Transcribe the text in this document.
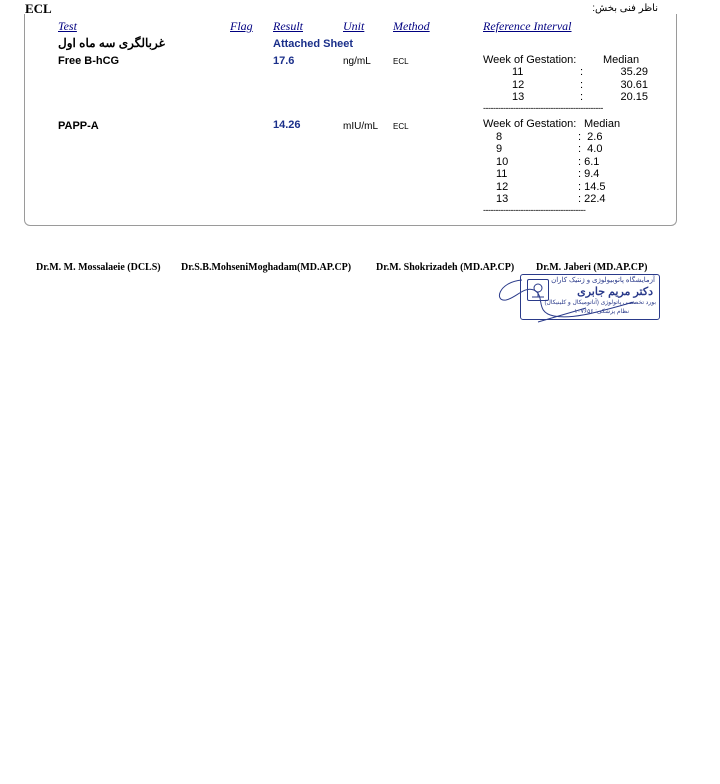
ECL	ناظر فنی بخش:
Test	Flag Result	Unit Method	Reference Interval
غربالگری سه ماه اول	Attached Sheet
Free B-hCG	17.6	ng/mL	ECL	Week of Gestation: Median
11	:	35.29
12	:	30.61
13	:	20.15
------------------------------------------------
PAPP-A	14.26	mIU/mL ECL	Week of Gestation: Median
8	:  2.6
9	:  4.0
10	: 6.1
11	: 9.4
12	: 14.5
13	: 22.4
-----------------------------------------
Dr.M. M. Mossalaeie (DCLS) Dr.S.B.MohseniMoghadam(MD.AP.CP) Dr.M. Shokrizadeh (MD.AP.CP) Dr.M. Jaberi (MD.AP.CP)
آزمایشگاه پاتوبیولوژی و ژنتیک کاران
دکتر مریم جابری
بورد تخصصی پاتولوژی (آناتومیکال و کلینیکال)
نظام پزشکی: ۱۰۷۶۵۶
